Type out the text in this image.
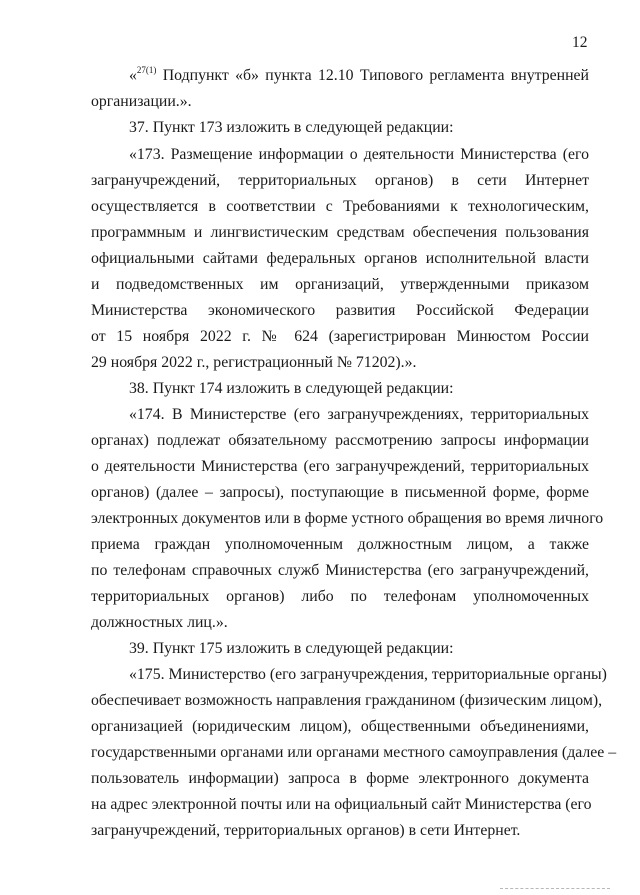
12
«$^{27(1)}$ Подпункт «б» пункта 12.10 Типового регламента внутренней
организации.».
37. Пункт 173 изложить в следующей редакции:
«173. Размещение информации о деятельности Министерства (его
загранучреждений, территориальных органов) в сети Интернет
осуществляется в соответствии с Требованиями к технологическим,
программным и лингвистическим средствам обеспечения пользования
официальными сайтами федеральных органов исполнительной власти
и подведомственных им организаций, утвержденными приказом
Министерства экономического развития Российской Федерации
от 15 ноября 2022 г. № 624 (зарегистрирован Минюстом России
29 ноября 2022 г., регистрационный № 71202).».
38. Пункт 174 изложить в следующей редакции:
«174. В Министерстве (его загранучреждениях, территориальных
органах) подлежат обязательному рассмотрению запросы информации
о деятельности Министерства (его загранучреждений, территориальных
органов) (далее – запросы), поступающие в письменной форме, форме
электронных документов или в форме устного обращения во время личного
приема граждан уполномоченным должностным лицом, а также
по телефонам справочных служб Министерства (его загранучреждений,
территориальных органов) либо по телефонам уполномоченных
должностных лиц.».
39. Пункт 175 изложить в следующей редакции:
«175. Министерство (его загранучреждения, территориальные органы)
обеспечивает возможность направления гражданином (физическим лицом),
организацией (юридическим лицом), общественными объединениями,
государственными органами или органами местного самоуправления (далее –
пользователь информации) запроса в форме электронного документа
на адрес электронной почты или на официальный сайт Министерства (его
загранучреждений, территориальных органов) в сети Интернет.
